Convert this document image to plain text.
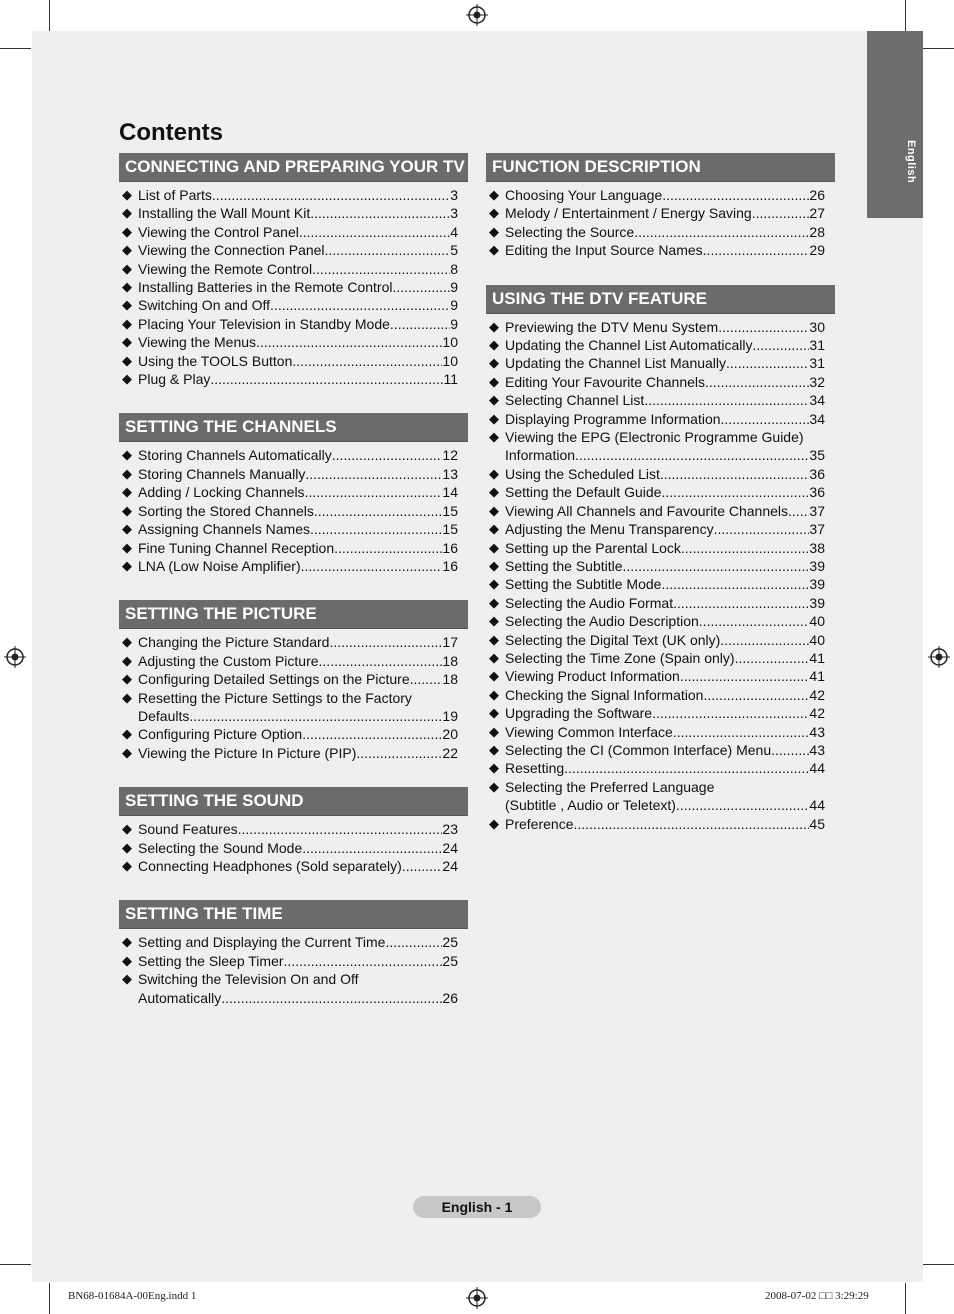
English
Contents
CONNECTING AND PREPARING YOUR TV
◆ List of Parts .....	3
◆ Installing the Wall Mount Kit .....	3
◆ Viewing the Control Panel .....	4
◆ Viewing the Connection Panel .....	5
◆ Viewing the Remote Control .....	8
◆ Installing Batteries in the Remote Control .....	9
◆ Switching On and Off .....	9
◆ Placing Your Television in Standby Mode .....	9
◆ Viewing the Menus .....	10
◆ Using the TOOLS Button .....	10
◆ Plug & Play .....	11
SETTING THE CHANNELS
◆ Storing Channels Automatically .....	12
◆ Storing Channels Manually .....	13
◆ Adding / Locking Channels .....	14
◆ Sorting the Stored Channels .....	15
◆ Assigning Channels Names .....	15
◆ Fine Tuning Channel Reception .....	16
◆ LNA (Low Noise Amplifier) .....	16
SETTING THE PICTURE
◆ Changing the Picture Standard .....	17
◆ Adjusting the Custom Picture .....	18
◆ Configuring Detailed Settings on the Picture ..... 18
◆ Resetting the Picture Settings to the Factory
Defaults .....	19
◆ Configuring Picture Option .....	20
◆ Viewing the Picture In Picture (PIP) .....	22
SETTING THE SOUND
◆ Sound Features .....	23
◆ Selecting the Sound Mode .....	24
◆ Connecting Headphones (Sold separately) .....	24
SETTING THE TIME
◆ Setting and Displaying the Current Time .....	25
◆ Setting the Sleep Timer .....	25
◆ Switching the Television On and Off
Automatically .....	26
FUNCTION DESCRIPTION
◆ Choosing Your Language .....	26
◆ Melody / Entertainment / Energy Saving .....	27
◆ Selecting the Source .....	28
◆ Editing the Input Source Names .....	29
USING THE DTV FEATURE
◆ Previewing the DTV Menu System .....	30
◆ Updating the Channel List Automatically .....	31
◆ Updating the Channel List Manually .....	31
◆ Editing Your Favourite Channels .....	32
◆ Selecting Channel List .....	34
◆ Displaying Programme Information .....	34
◆ Viewing the EPG (Electronic Programme Guide)
Information .....	35
◆ Using the Scheduled List .....	36
◆ Setting the Default Guide .....	36
◆ Viewing All Channels and Favourite Channels ..... 37
◆ Adjusting the Menu Transparency .....	37
◆ Setting up the Parental Lock .....	38
◆ Setting the Subtitle .....	39
◆ Setting the Subtitle Mode .....	39
◆ Selecting the Audio Format .....	39
◆ Selecting the Audio Description .....	40
◆ Selecting the Digital Text (UK only) .....	40
◆ Selecting the Time Zone (Spain only) .....	41
◆ Viewing Product Information .....	41
◆ Checking the Signal Information .....	42
◆ Upgrading the Software .....	42
◆ Viewing Common Interface .....	43
◆ Selecting the CI (Common Interface) Menu .....	43
◆ Resetting .....	44
◆ Selecting the Preferred Language
(Subtitle , Audio or Teletext) .....	44
◆ Preference .....	45
English - 1
BN68-01684A-00Eng.indd 1	2008-07-02 □□ 3:29:29
